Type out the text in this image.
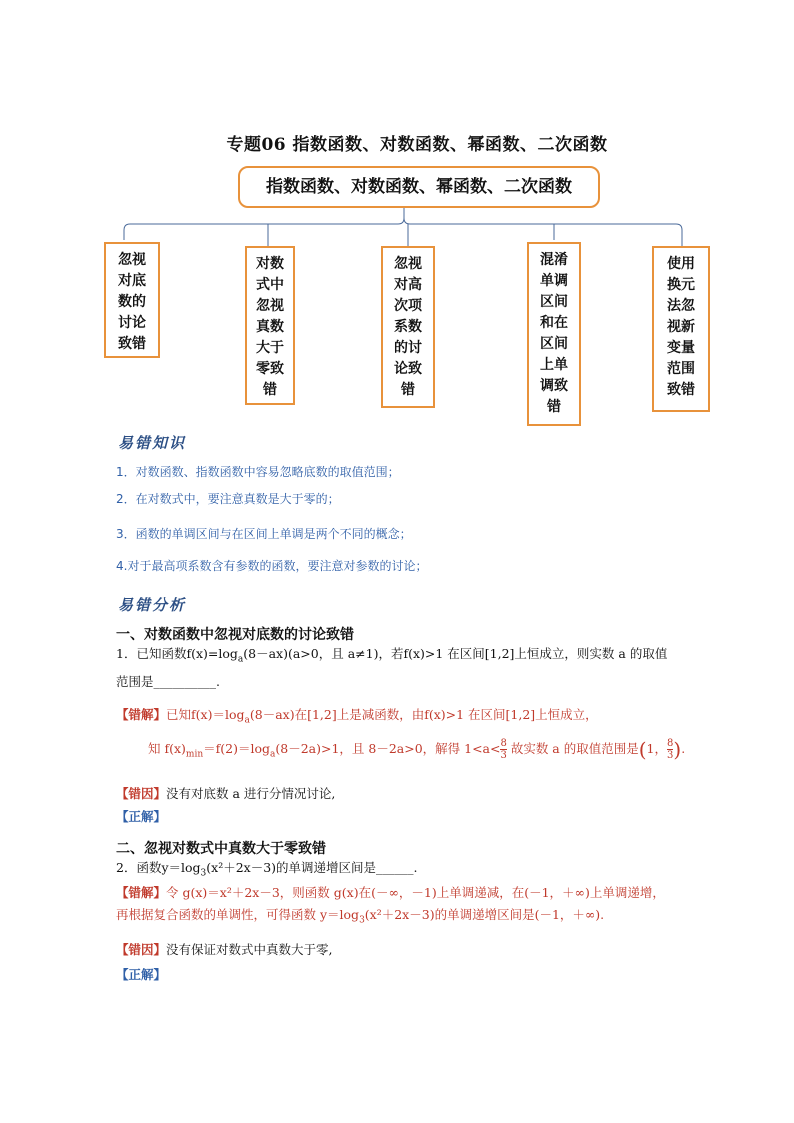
专题06 指数函数、对数函数、幂函数、二次函数
指数函数、对数函数、幂函数、二次函数
忽视
对底
数的
讨论
致错
对数
式中
忽视
真数
大于
零致
错
忽视
对高
次项
系数
的讨
论致
错
混淆
单调
区间
和在
区间
上单
调致
错
使用
换元
法忽
视新
变量
范围
致错
易错知识
1．对数函数、指数函数中容易忽略底数的取值范围；
2．在对数式中，要注意真数是大于零的；
3．函数的单调区间与在区间上单调是两个不同的概念；
4.对于最高项系数含有参数的函数，要注意对参数的讨论；
易错分析
一、对数函数中忽视对底数的讨论致错
1．已知函数$f(x)=\log_a(8-ax)(a>0$，且 a≠1)，若f(x)>1 在区间[1,2]上恒成立，则实数 a 的取值
范围是__________.
【错解】已知$f(x)=\log_a(8-ax)$在[1,2]上是减函数，由f(x)>1 在区间[1,2]上恒成立，
知 $f(x)_{min}=f(2)=\log_a(8-2a)>1$，且 8－2a>0，解得 $1<a< \frac{8}{3}$ 故实数 a 的取值范围是(1， $\frac{8}{3}$ ).
【错因】没有对底数 a 进行分情况讨论,
【正解】
二、忽视对数式中真数大于零致错
2．函数$y=\log_3(x^2+2x-3)$的单调递增区间是______.
【错解】令 g(x)＝x²＋2x－3，则函数 g(x)在(－∞，－1)上单调递减，在(－1，＋∞)上单调递增，
再根据复合函数的单调性，可得函数 $y=\log_3(x^2+2x-3)$的单调递增区间是(－1，＋∞).
【错因】没有保证对数式中真数大于零,
【正解】
